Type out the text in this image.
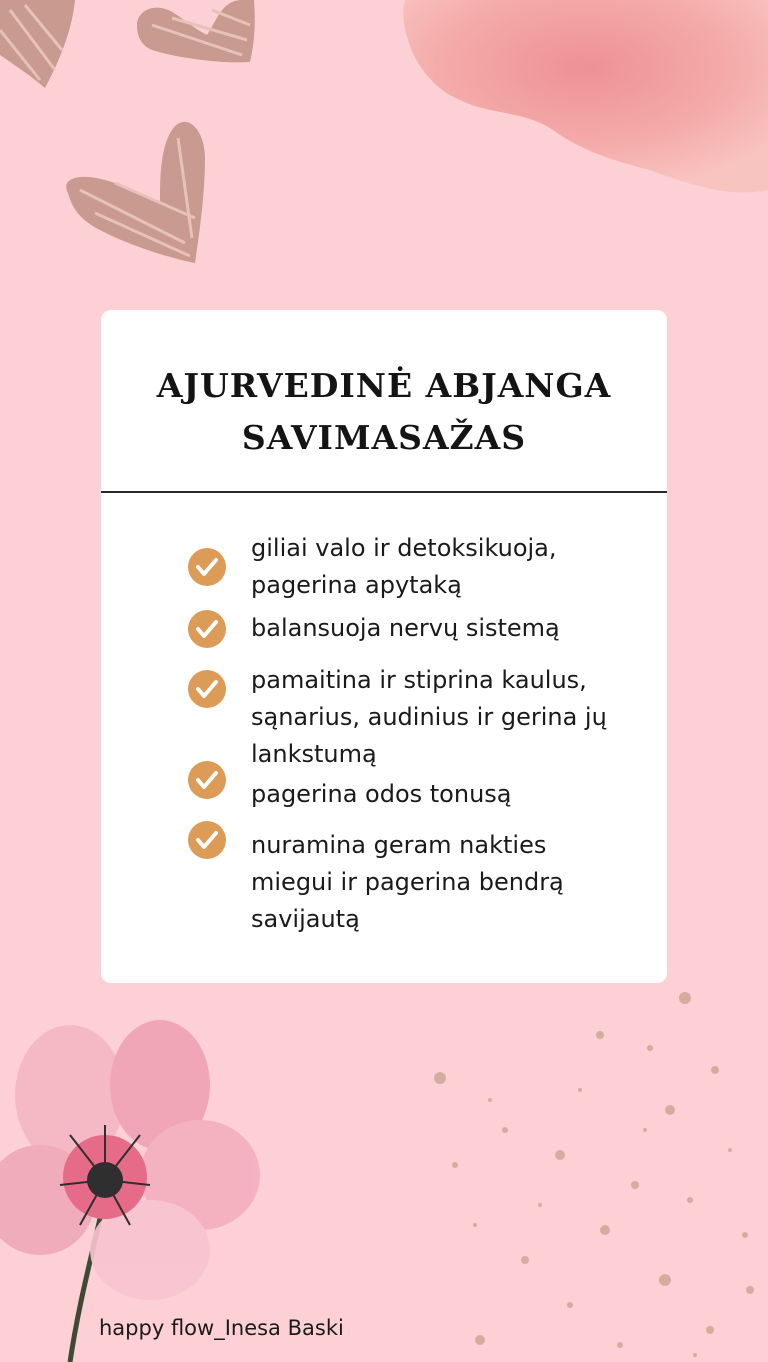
AJURVEDINĖ ABJANGA
SAVIMASAŽAS

giliai valo ir detoksikuoja,
pagerina apytaką

balansuoja nervų sistemą

pamaitina ir stiprina kaulus,
sąnarius, audinius ir gerina jų
lankstumą

pagerina odos tonusą

nuramina geram nakties
miegui ir pagerina bendrą
savijautą

happy flow_Inesa Baski
